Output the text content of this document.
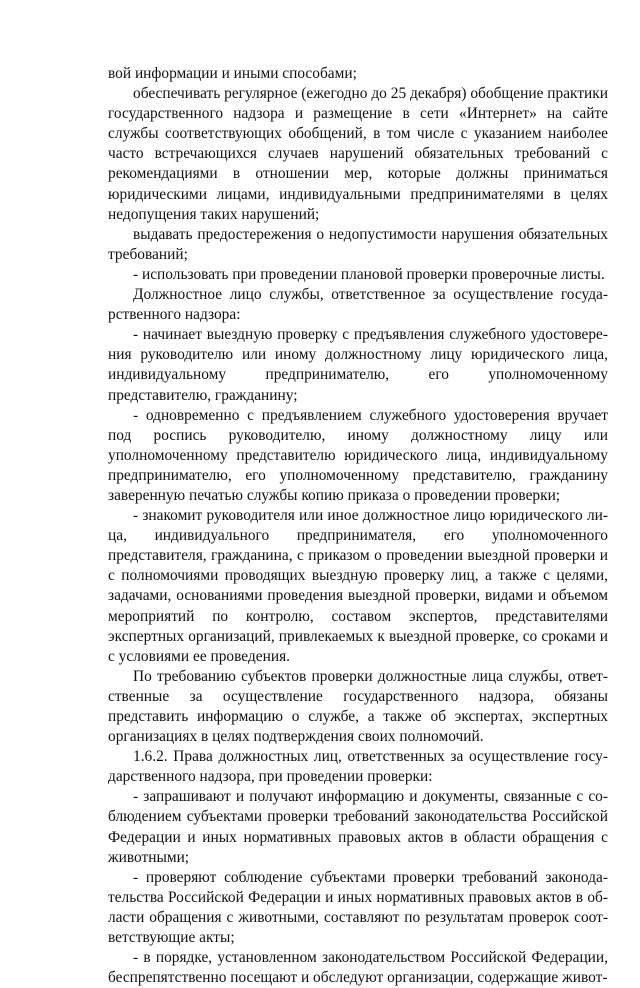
вой информации и иными способами;

обеспечивать регулярное (ежегодно до 25 декабря) обобщение практики государственного надзора и размещение в сети «Интернет» на сайте службы соответствующих обобщений, в том числе с указанием наиболее часто встречающихся случаев нарушений обязательных требований с рекомендациями в отношении мер, которые должны приниматься юридическими лицами, индивидуальными предпринимателями в целях недопущения таких нарушений;

выдавать предостережения о недопустимости нарушения обязательных требований;

- использовать при проведении плановой проверки проверочные листы.

Должностное лицо службы, ответственное за осуществление государственного надзора:

- начинает выездную проверку с предъявления служебного удостоверения руководителю или иному должностному лицу юридического лица, индивидуальному предпринимателю, его уполномоченному представителю, гражданину;

- одновременно с предъявлением служебного удостоверения вручает под роспись руководителю, иному должностному лицу или уполномоченному представителю юридического лица, индивидуальному предпринимателю, его уполномоченному представителю, гражданину заверенную печатью службы копию приказа о проведении проверки;

- знакомит руководителя или иное должностное лицо юридического лица, индивидуального предпринимателя, его уполномоченного представителя, гражданина, с приказом о проведении выездной проверки и с полномочиями проводящих выездную проверку лиц, а также с целями, задачами, основаниями проведения выездной проверки, видами и объемом мероприятий по контролю, составом экспертов, представителями экспертных организаций, привлекаемых к выездной проверке, со сроками и с условиями ее проведения.

По требованию субъектов проверки должностные лица службы, ответственные за осуществление государственного надзора, обязаны представить информацию о службе, а также об экспертах, экспертных организациях в целях подтверждения своих полномочий.

1.6.2. Права должностных лиц, ответственных за осуществление государственного надзора, при проведении проверки:

- запрашивают и получают информацию и документы, связанные с соблюдением субъектами проверки требований законодательства Российской Федерации и иных нормативных правовых актов в области обращения с животными;

- проверяют соблюдение субъектами проверки требований законодательства Российской Федерации и иных нормативных правовых актов в области обращения с животными, составляют по результатам проверок соответствующие акты;

- в порядке, установленном законодательством Российской Федерации, беспрепятственно посещают и обследуют организации, содержащие живот-
